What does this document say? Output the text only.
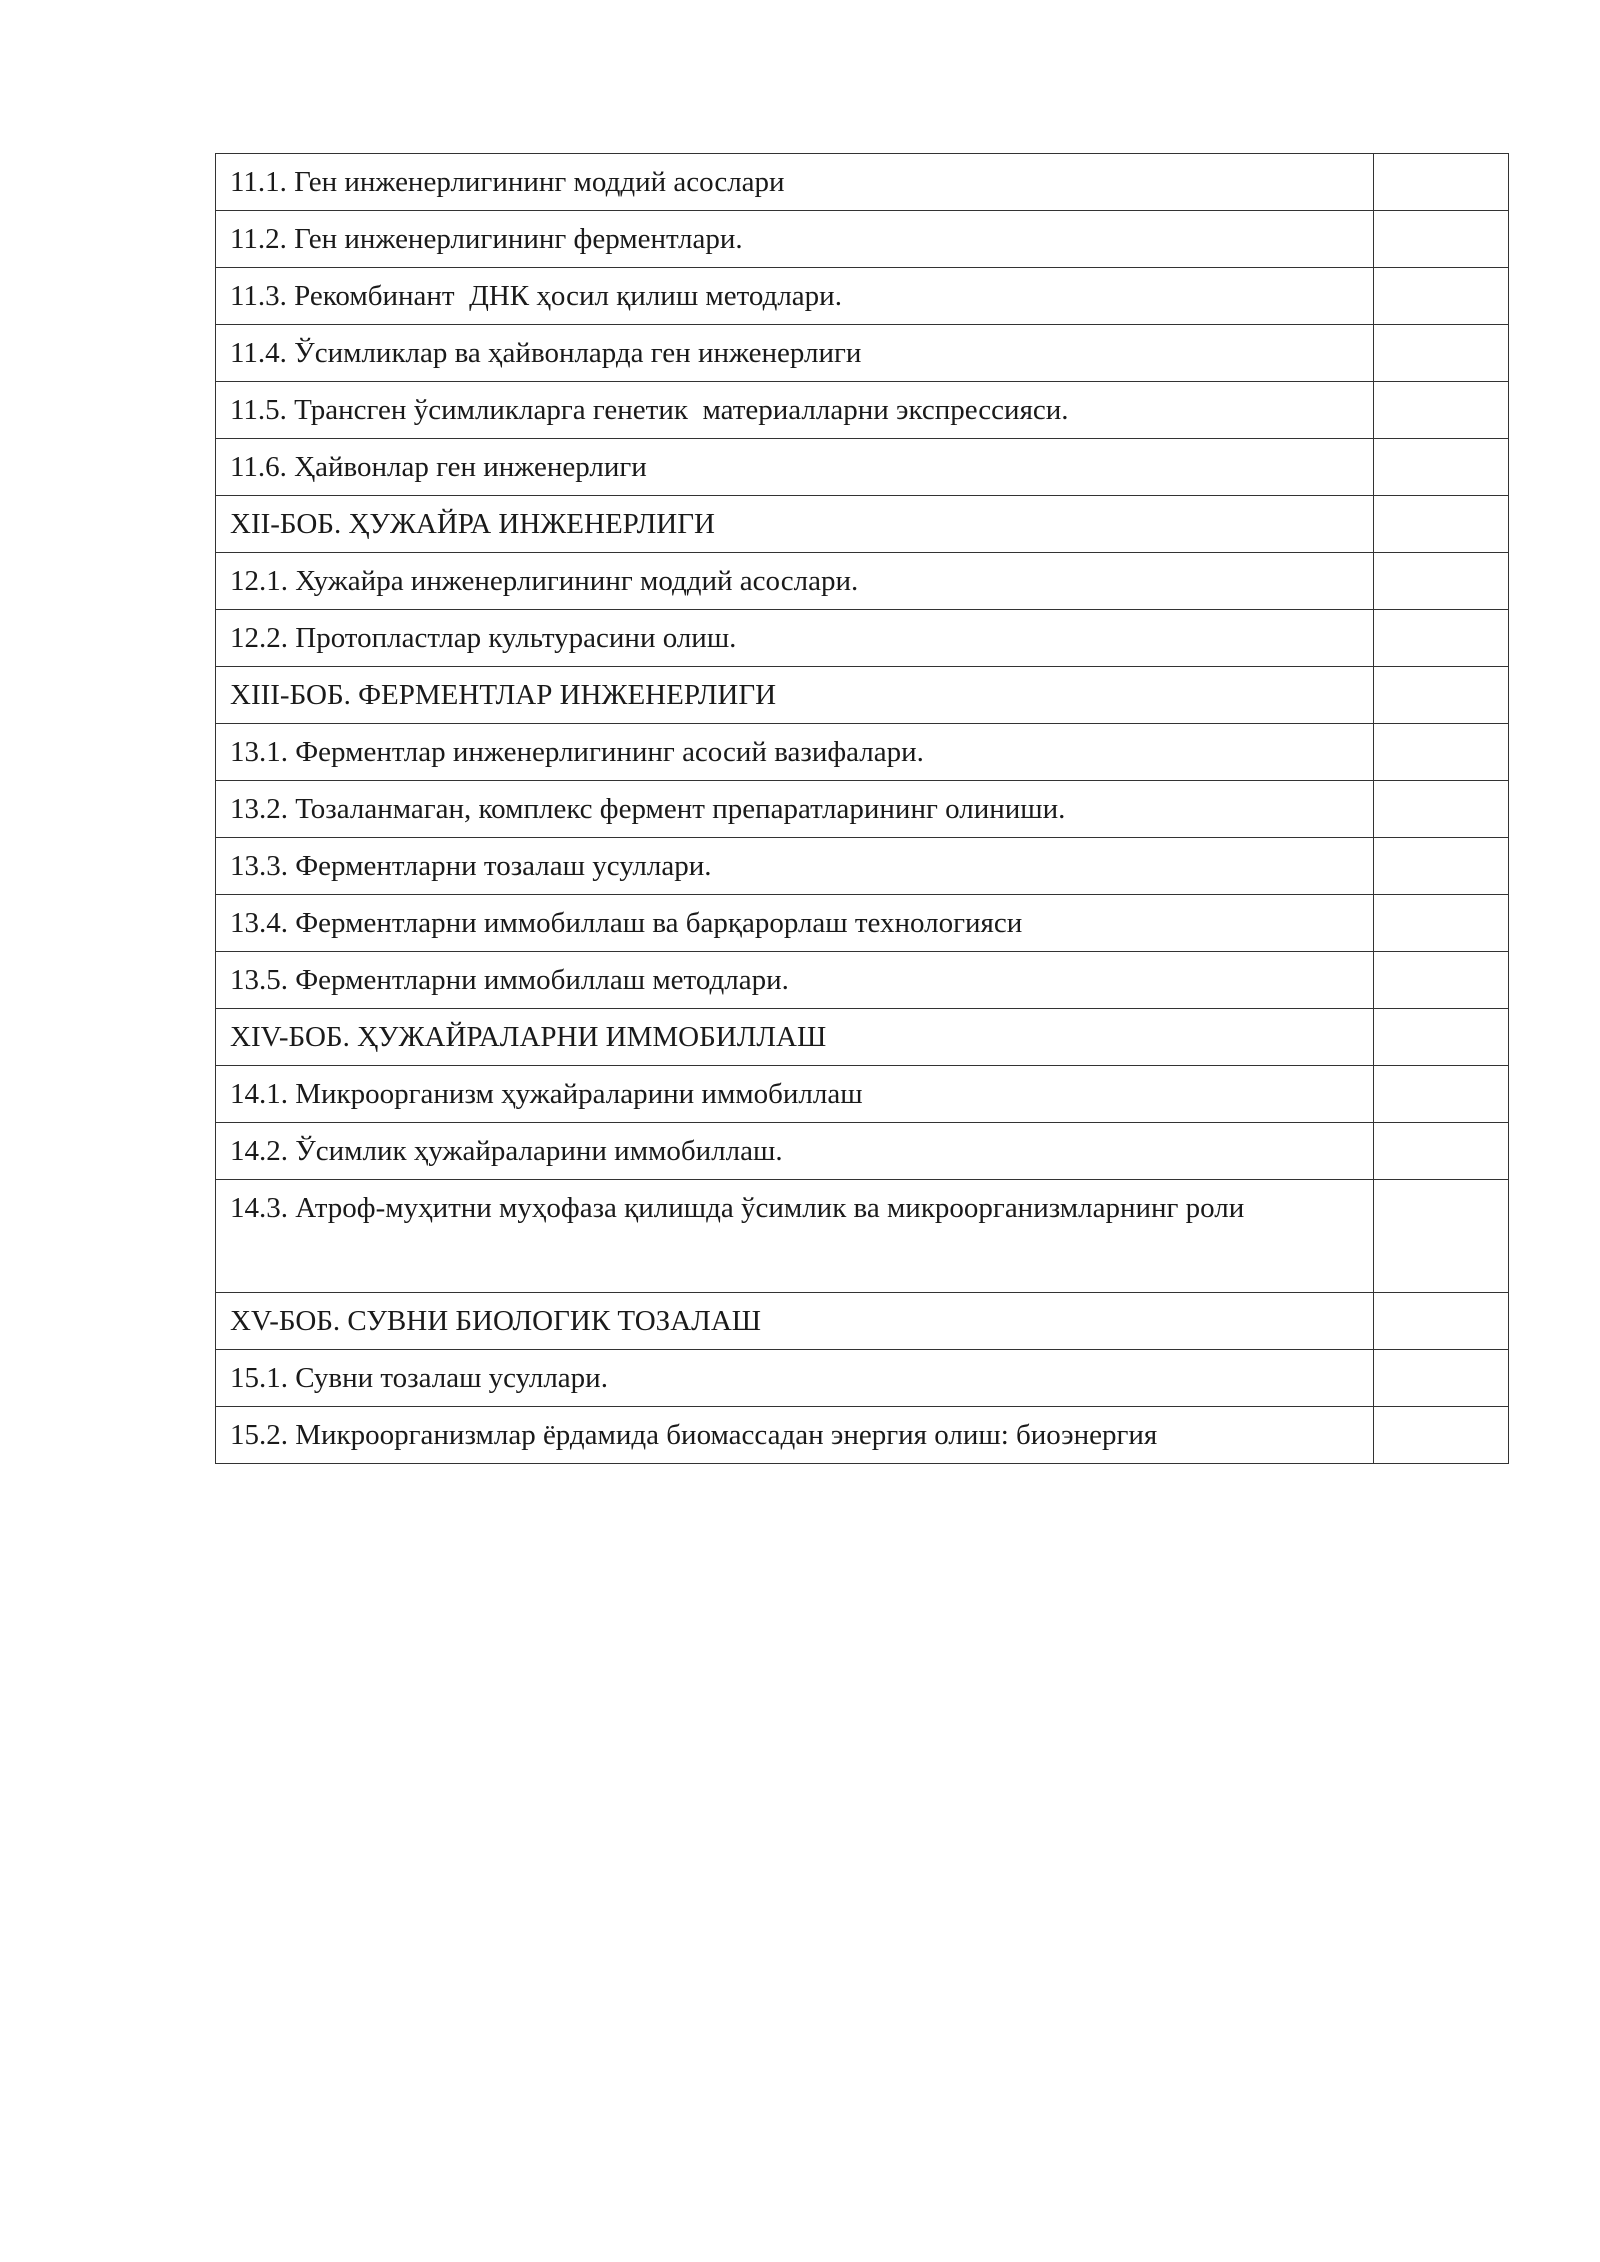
11.1. Ген инженерлигининг моддий асослари	
11.2. Ген инженерлигининг ферментлари.	
11.3. Рекомбинант  ДНК ҳосил қилиш методлари.	
11.4. Ўсимликлар ва ҳайвонларда ген инженерлиги	
11.5. Трансген ўсимликларга генетик  материалларни экспрессияси.	
11.6. Ҳайвонлар ген инженерлиги	
XII-БОБ. ҲУЖАЙРА ИНЖЕНЕРЛИГИ	
12.1. Хужайра инженерлигининг моддий асослари.	
12.2. Протопластлар культурасини олиш.	
XIII-БОБ. ФЕРМЕНТЛАР ИНЖЕНЕРЛИГИ	
13.1. Ферментлар инженерлигининг асосий вазифалари.	
13.2. Тозаланмаган, комплекс фермент препаратларининг олиниши.	
13.3. Ферментларни тозалаш усуллари.	
13.4. Ферментларни иммобиллаш ва барқарорлаш технологияси	
13.5. Ферментларни иммобиллаш методлари.	
XIV-БОБ. ҲУЖАЙРАЛАРНИ ИММОБИЛЛАШ	
14.1. Микроорганизм ҳужайраларини иммобиллаш	
14.2. Ўсимлик ҳужайраларини иммобиллаш.	
14.3. Атроф-муҳитни муҳофаза қилишда ўсимлик ва микроорганизмларнинг роли	
XV-БОБ. СУВНИ БИОЛОГИК ТОЗАЛАШ	
15.1. Сувни тозалаш усуллари.	
15.2. Микроорганизмлар ёрдамида биомассадан энергия олиш: биоэнергия	
